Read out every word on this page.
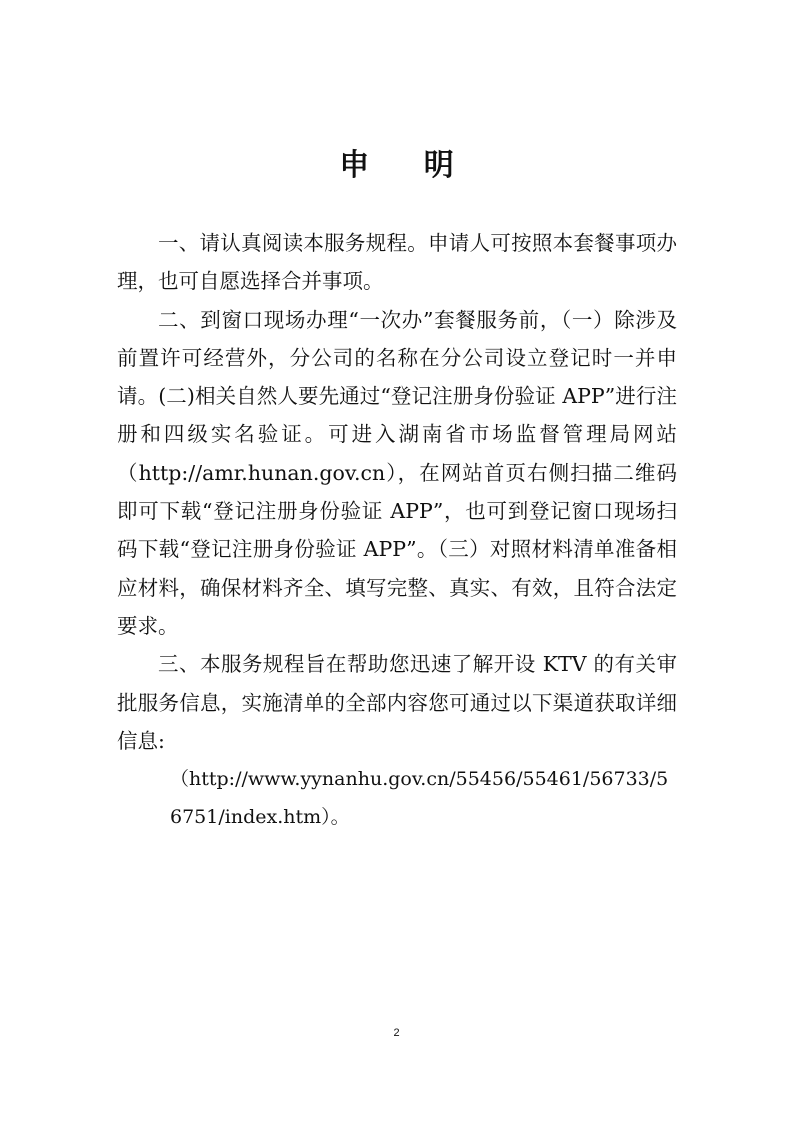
申 明

一、请认真阅读本服务规程。申请人可按照本套餐事项办理，也可自愿选择合并事项。

二、到窗口现场办理“一次办”套餐服务前，（一）除涉及前置许可经营外，分公司的名称在分公司设立登记时一并申请。(二)相关自然人要先通过“登记注册身份验证 APP”进行注册和四级实名验证。可进入湖南省市场监督管理局网站（http://amr.hunan.gov.cn），在网站首页右侧扫描二维码即可下载“登记注册身份验证 APP”，也可到登记窗口现场扫码下载“登记注册身份验证 APP”。（三）对照材料清单准备相应材料，确保材料齐全、填写完整、真实、有效，且符合法定要求。

三、本服务规程旨在帮助您迅速了解开设 KTV 的有关审批服务信息，实施清单的全部内容您可通过以下渠道获取详细信息:

（http://www.yynanhu.gov.cn/55456/55461/56733/56751/index.htm）。

2
